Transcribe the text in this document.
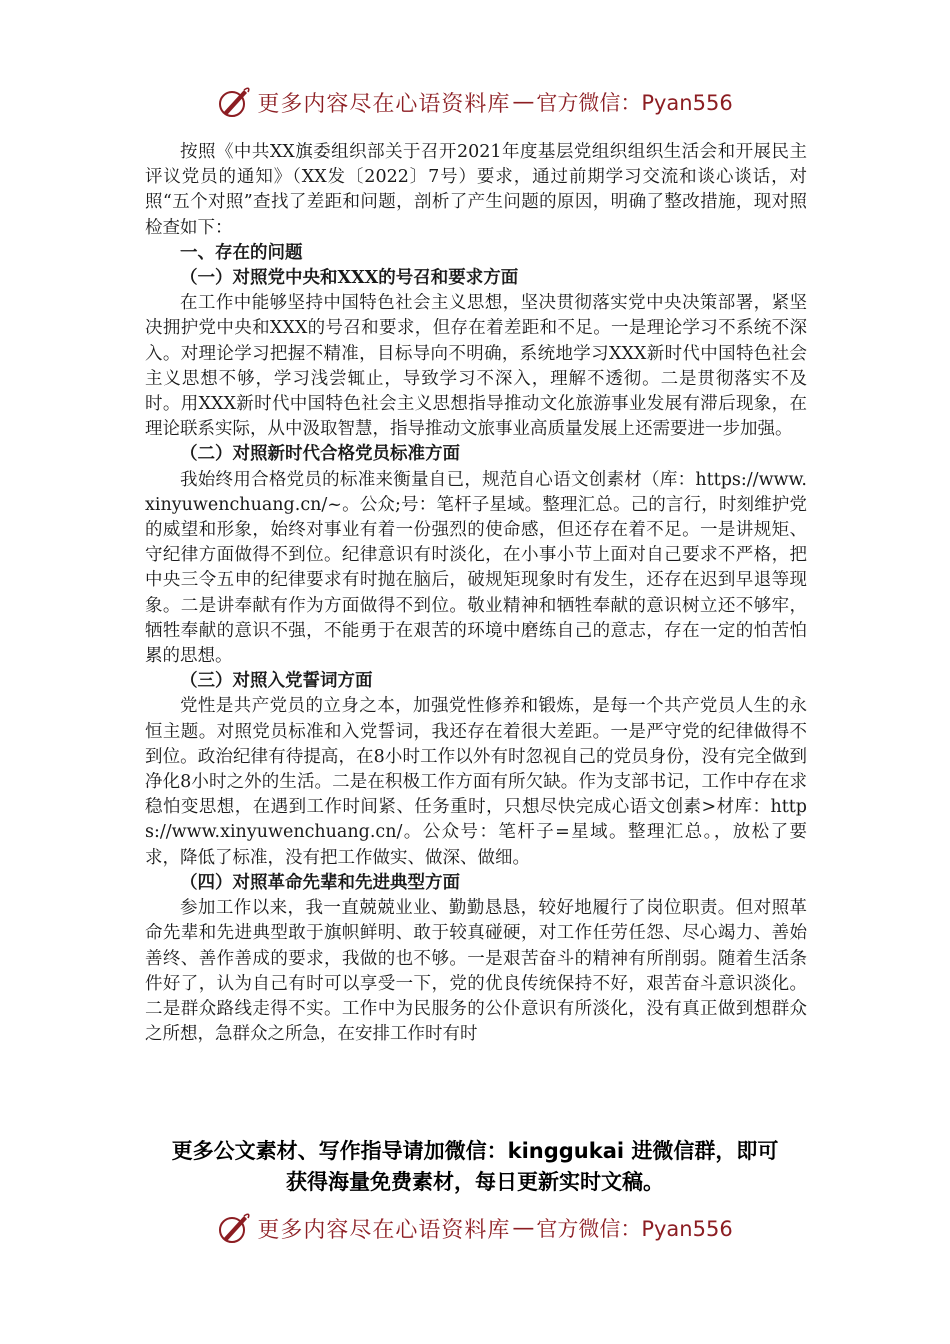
更多内容尽在心语资料库 — 官方微信：Pyan556

按照《中共XX旗委组织部关于召开2021年度基层党组织组织生活会和开展民主评议党员的通知》（XX发〔2022〕7号）要求，通过前期学习交流和谈心谈话，对照“五个对照”查找了差距和问题，剖析了产生问题的原因，明确了整改措施，现对照检查如下：

一、存在的问题
（一）对照党中央和XXX的号召和要求方面

在工作中能够坚持中国特色社会主义思想，坚决贯彻落实党中央决策部署，紧坚决拥护党中央和XXX的号召和要求，但存在着差距和不足。一是理论学习不系统不深入。对理论学习把握不精准，目标导向不明确，系统地学习XXX新时代中国特色社会主义思想不够，学习浅尝辄止，导致学习不深入，理解不透彻。二是贯彻落实不及时。用XXX新时代中国特色社会主义思想指导推动文化旅游事业发展有滞后现象，在理论联系实际，从中汲取智慧，指导推动文旅事业高质量发展上还需要进一步加强。

（二）对照新时代合格党员标准方面

我始终用合格党员的标准来衡量自已，规范自心语文创素材（库：https://www.xinyuwenchuang.cn/~。公众;号：笔杆子星域。整理汇总。己的言行，时刻维护党的威望和形象，始终对事业有着一份强烈的使命感，但还存在着不足。一是讲规矩、守纪律方面做得不到位。纪律意识有时淡化，在小事小节上面对自己要求不严格，把中央三令五申的纪律要求有时抛在脑后，破规矩现象时有发生，还存在迟到早退等现象。二是讲奉献有作为方面做得不到位。敬业精神和牺牲奉献的意识树立还不够牢，牺牲奉献的意识不强，不能勇于在艰苦的环境中磨练自己的意志，存在一定的怕苦怕累的思想。

（三）对照入党誓词方面

党性是共产党员的立身之本，加强党性修养和锻炼，是每一个共产党员人生的永恒主题。对照党员标准和入党誓词，我还存在着很大差距。一是严守党的纪律做得不到位。政治纪律有待提高，在8小时工作以外有时忽视自己的党员身份，没有完全做到净化8小时之外的生活。二是在积极工作方面有所欠缺。作为支部书记，工作中存在求稳怕变思想，在遇到工作时间紧、任务重时，只想尽快完成心语文创素>材库：https://www.xinyuwenchuang.cn/。公众号：笔杆子=星域。整理汇总。，放松了要求，降低了标准，没有把工作做实、做深、做细。

（四）对照革命先辈和先进典型方面

参加工作以来，我一直兢兢业业、勤勤恳恳，较好地履行了岗位职责。但对照革命先辈和先进典型敢于旗帜鲜明、敢于较真碰硬，对工作任劳任怨、尽心竭力、善始善终、善作善成的要求，我做的也不够。一是艰苦奋斗的精神有所削弱。随着生活条件好了，认为自己有时可以享受一下，党的优良传统保持不好，艰苦奋斗意识淡化。二是群众路线走得不实。工作中为民服务的公仆意识有所淡化，没有真正做到想群众之所想，急群众之所急，在安排工作时有时

更多公文素材、写作指导请加微信：kinggukai 进微信群，即可
获得海量免费素材，每日更新实时文稿。
更多内容尽在心语资料库 — 官方微信：Pyan556
